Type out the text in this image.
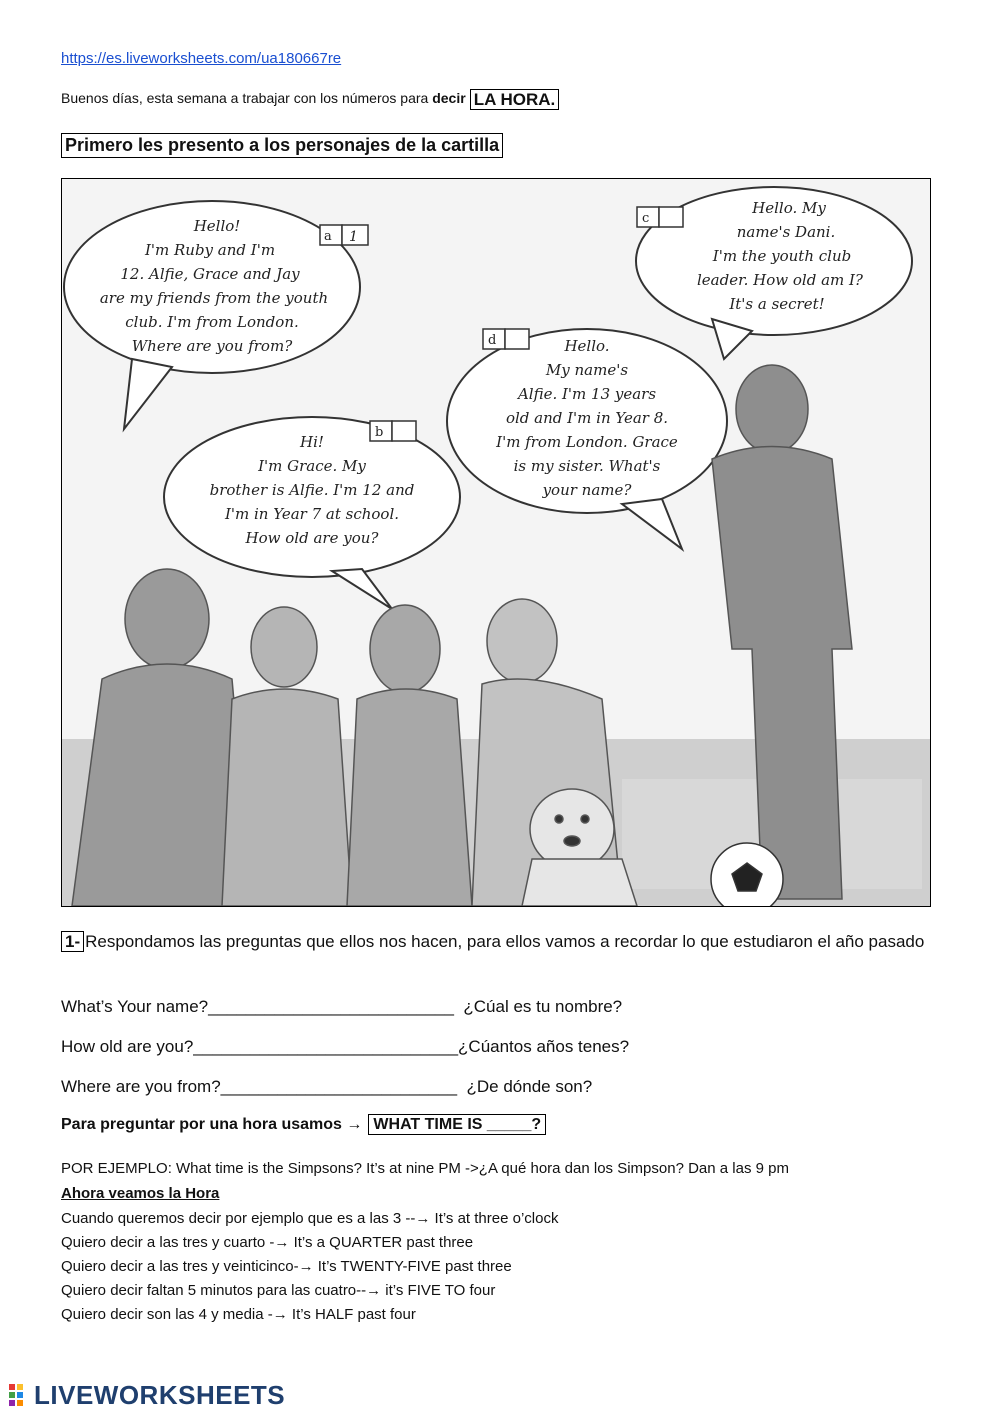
https://es.liveworksheets.com/ua180667re
Buenos días, esta semana a trabajar con los números para decir LA HORA.
Primero les presento a los personajes de la cartilla
a 1
Hello!
I'm Ruby and I'm
12. Alfie, Grace and Jay
are my friends from the youth
club. I'm from London.
Where are you from?
b
Hi!
I'm Grace. My
brother is Alfie. I'm 12 and
I'm in Year 7 at school.
How old are you?
d	Hello.
My name's
Alfie. I'm 13 years
old and I'm in Year 8.
I'm from London. Grace
is my sister. What's
your name?
c
Hello. My
name's Dani.
I'm the youth club
leader. How old am I?
It's a secret!
1- Respondamos las preguntas que ellos nos hacen, para ellos vamos a recordar lo que estudiaron el año pasado
What’s Your name?__________________________ ¿Cúal es tu nombre?
How old are you?____________________________¿Cúantos años tenes?
Where are you from?_________________________ ¿De dónde son?
Para preguntar por una hora usamos → WHAT TIME IS _____?
POR EJEMPLO: What time is the Simpsons? It’s at nine PM ->¿A qué hora dan los Simpson? Dan a las 9 pm
Ahora veamos la Hora
Cuando queremos decir por ejemplo que es a las 3 --→ It’s at three o’clock
Quiero decir a las tres y cuarto -→ It’s a QUARTER past three
Quiero decir a las tres y veinticinco-→ It’s TWENTY-FIVE past three
Quiero decir faltan 5 minutos para las cuatro--→ it’s FIVE TO four
Quiero decir son las 4 y media -→ It’s HALF past four
LIVEWORKSHEETS
